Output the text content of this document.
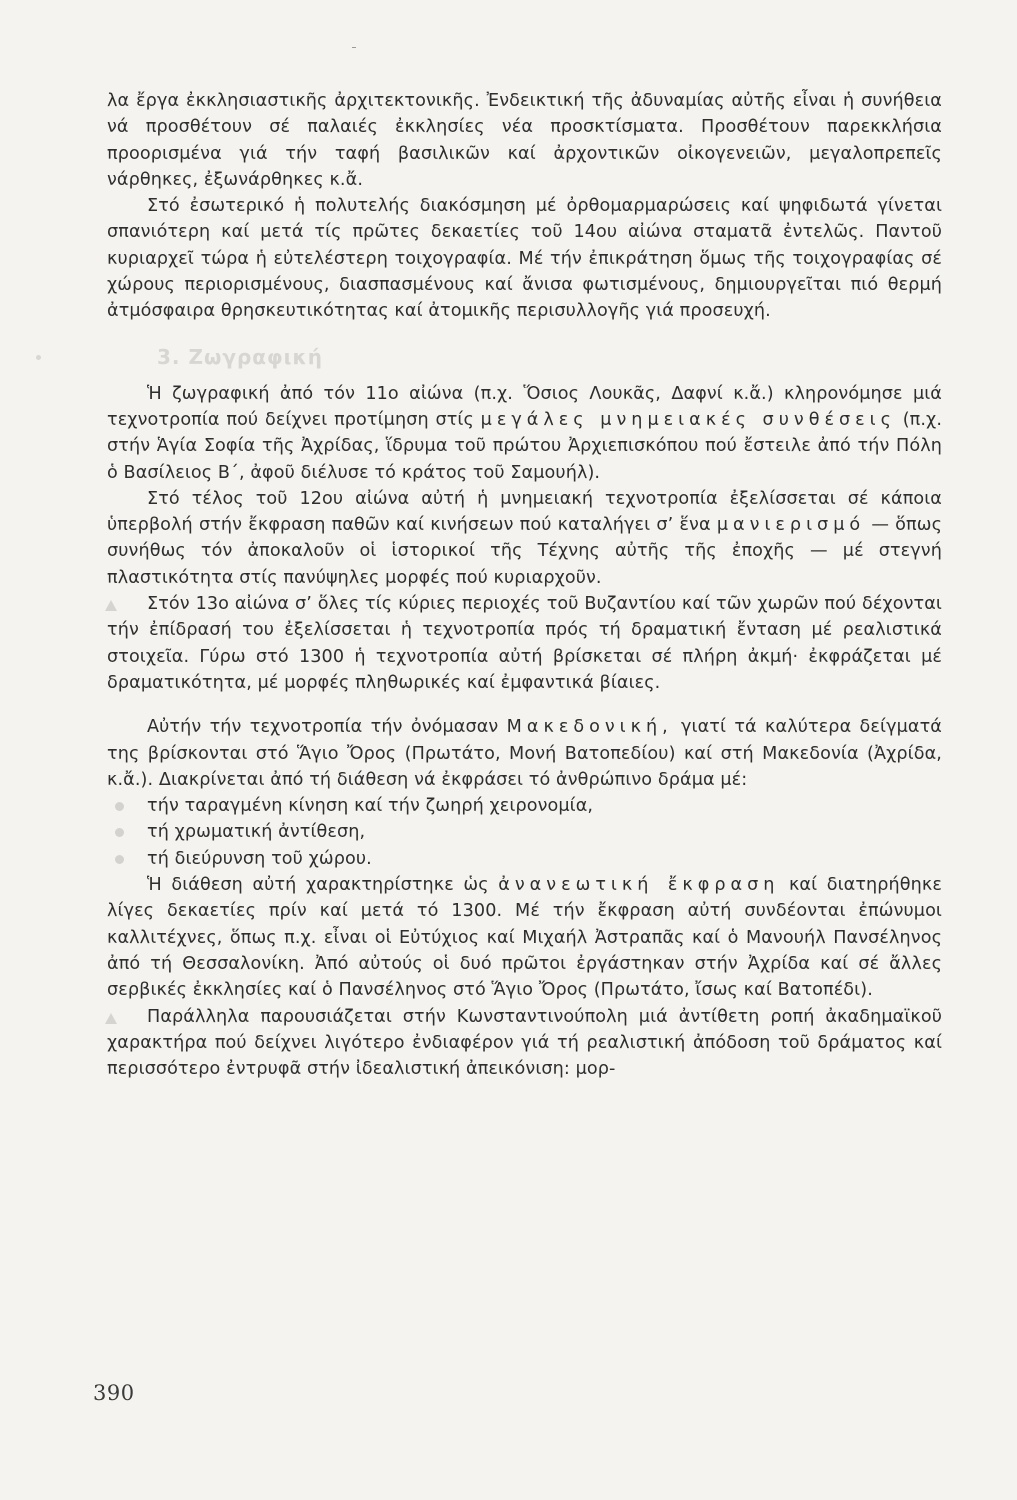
λα ἔργα ἐκκλησιαστικῆς ἀρχιτεκτονικῆς. Ἐνδεικτική τῆς ἀδυναμίας αὐτῆς εἶναι ἡ συνήθεια νά προσθέτουν σέ παλαιές ἐκκλησίες νέα προσκτίσματα. Προσθέτουν παρεκκλήσια προορισμένα γιά τήν ταφή βασιλικῶν καί ἀρχοντικῶν οἰκογενειῶν, μεγαλοπρεπεῖς νάρθηκες, ἐξωνάρθηκες κ.ἄ.

Στό ἐσωτερικό ἡ πολυτελής διακόσμηση μέ ὀρθομαρμαρώσεις καί ψηφιδωτά γίνεται σπανιότερη καί μετά τίς πρῶτες δεκαετίες τοῦ 14ου αἰώνα σταματᾶ ἐντελῶς. Παντοῦ κυριαρχεῖ τώρα ἡ εὐτελέστερη τοιχογραφία. Μέ τήν ἐπικράτηση ὅμως τῆς τοιχογραφίας σέ χώρους περιορισμένους, διασπασμένους καί ἄνισα φωτισμένους, δημιουργεῖται πιό θερμή ἀτμόσφαιρα θρησκευτικότητας καί ἀτομικῆς περισυλλογῆς γιά προσευχή.

3. Ζωγραφική

Ἡ ζωγραφική ἀπό τόν 11ο αἰώνα (π.χ. Ὅσιος Λουκᾶς, Δαφνί κ.ἄ.) κληρονόμησε μιά τεχνοτροπία πού δείχνει προτίμηση στίς μεγάλες μνημειακές συνθέσεις (π.χ. στήν Ἁγία Σοφία τῆς Ἀχρίδας, ἵδρυμα τοῦ πρώτου Ἀρχιεπισκόπου πού ἔστειλε ἀπό τήν Πόλη ὁ Βασίλειος Β΄, ἀφοῦ διέλυσε τό κράτος τοῦ Σαμουήλ).

Στό τέλος τοῦ 12ου αἰώνα αὐτή ἡ μνημειακή τεχνοτροπία ἐξελίσσεται σέ κάποια ὑπερβολή στήν ἔκφραση παθῶν καί κινήσεων πού καταλήγει σ’ ἕνα μανιερισμό — ὅπως συνήθως τόν ἀποκαλοῦν οἱ ἱστορικοί τῆς Τέχνης αὐτῆς τῆς ἐποχῆς — μέ στεγνή πλαστικότητα στίς πανύψηλες μορφές πού κυριαρχοῦν.

Στόν 13ο αἰώνα σ’ ὅλες τίς κύριες περιοχές τοῦ Βυζαντίου καί τῶν χωρῶν πού δέχονται τήν ἐπίδρασή του ἐξελίσσεται ἡ τεχνοτροπία πρός τή δραματική ἔνταση μέ ρεαλιστικά στοιχεῖα. Γύρω στό 1300 ἡ τεχνοτροπία αὐτή βρίσκεται σέ πλήρη ἀκμή· ἐκφράζεται μέ δραματικότητα, μέ μορφές πληθωρικές καί ἐμφαντικά βίαιες.

Αὐτήν τήν τεχνοτροπία τήν ὀνόμασαν Μακεδονική, γιατί τά καλύτερα δείγματά της βρίσκονται στό Ἅγιο Ὄρος (Πρωτάτο, Μονή Βατοπεδίου) καί στή Μακεδονία (Ἀχρίδα, κ.ἄ.). Διακρίνεται ἀπό τή διάθεση νά ἐκφράσει τό ἀνθρώπινο δράμα μέ:

τήν ταραγμένη κίνηση καί τήν ζωηρή χειρονομία,
τή χρωματική ἀντίθεση,
τή διεύρυνση τοῦ χώρου.

Ἡ διάθεση αὐτή χαρακτηρίστηκε ὡς ἀνανεωτική ἔκφραση καί διατηρήθηκε λίγες δεκαετίες πρίν καί μετά τό 1300. Μέ τήν ἔκφραση αὐτή συνδέονται ἐπώνυμοι καλλιτέχνες, ὅπως π.χ. εἶναι οἱ Εὐτύχιος καί Μιχαήλ Ἀστραπᾶς καί ὁ Μανουήλ Πανσέληνος ἀπό τή Θεσσαλονίκη. Ἀπό αὐτούς οἱ δυό πρῶτοι ἐργάστηκαν στήν Ἀχρίδα καί σέ ἄλλες σερβικές ἐκκλησίες καί ὁ Πανσέληνος στό Ἅγιο Ὄρος (Πρωτάτο, ἴσως καί Βατοπέδι).

Παράλληλα παρουσιάζεται στήν Κωνσταντινούπολη μιά ἀντίθετη ροπή ἀκαδημαϊκοῦ χαρακτήρα πού δείχνει λιγότερο ἐνδιαφέρον γιά τή ρεαλιστική ἀπόδοση τοῦ δράματος καί περισσότερο ἐντρυφᾶ στήν ἰδεαλιστική ἀπεικόνιση: μορ-

390
